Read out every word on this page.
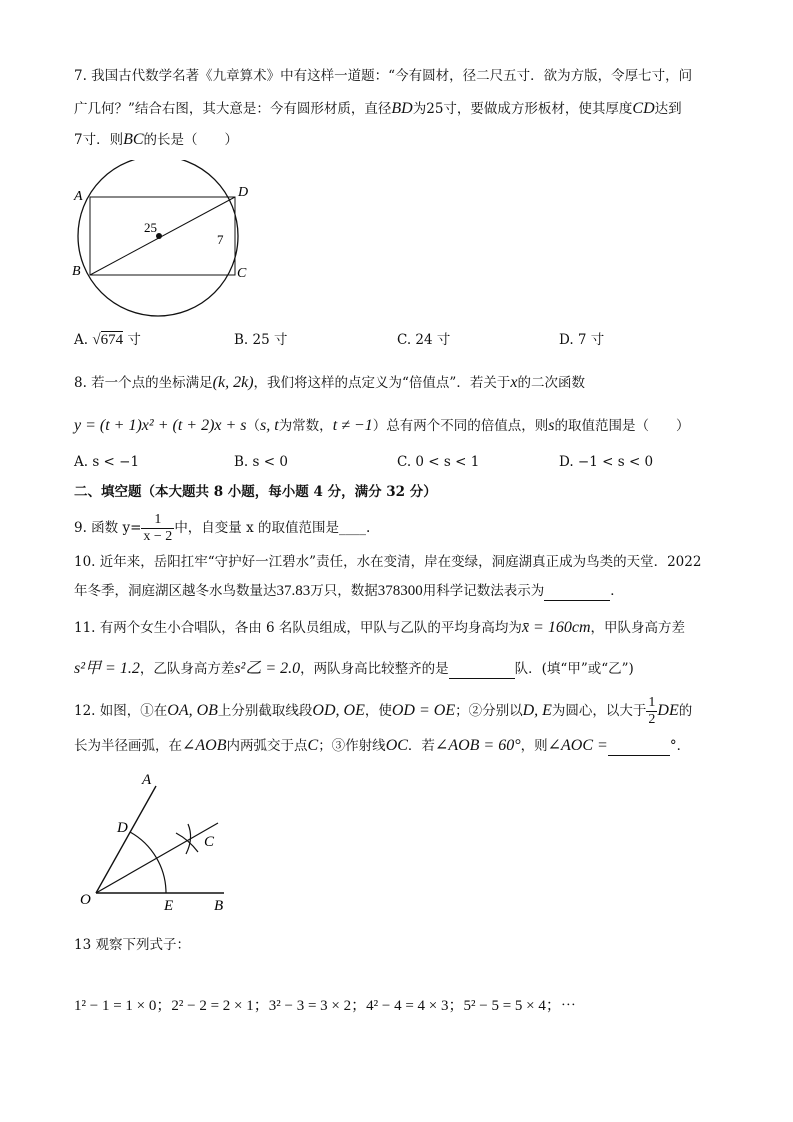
7. 我国古代数学名著《九章算术》中有这样一道题：“今有圆材，径二尺五寸．欲为方版，令厚七寸，问
广几何？”结合右图，其大意是：今有圆形材质，直径BD为25寸，要做成方形板材，使其厚度CD达到
7寸．则BC的长是（　　）
A	D
B	C
25
7
A. √674 寸	B. 25 寸	C. 24 寸	D. 7 寸
8. 若一个点的坐标满足(k, 2k)，我们将这样的点定义为“倍值点”．若关于x的二次函数
y = (t + 1)x² + (t + 2)x + s（s, t为常数，t ≠ −1）总有两个不同的倍值点，则s的取值范围是（　　）
A. s < −1	B. s < 0	C. 0 < s < 1	D. −1 < s < 0
二、填空题（本大题共 8 小题，每小题 4 分，满分 32 分）
9. 函数 $y= \frac{1}{x - 2}$ 中，自变量 x 的取值范围是____.
10. 近年来，岳阳扛牢“守护好一江碧水”责任，水在变清，岸在变绿，洞庭湖真正成为鸟类的天堂．2022
年冬季，洞庭湖区越冬水鸟数量达37.83万只，数据378300用科学记数法表示为	．
11. 有两个女生小合唱队，各由 6 名队员组成，甲队与乙队的平均身高均为x̄ = 160cm，甲队身高方差
s²甲 = 1.2，乙队身高方差s²乙 = 2.0，两队身高比较整齐的是	队．(填“甲”或“乙”)
12. 如图，①在OA, OB上分别截取线段OD, OE，使OD = OE；②分别以D, E为圆心，以大于 $\frac{1}{2}$ DE的
长为半径画弧，在∠AOB内两弧交于点C；③作射线OC．若∠AOB = 60°，则∠AOC =	°．
A
D
C
O	E	B
13 观察下列式子：
1² − 1 = 1 × 0；2² − 2 = 2 × 1；3² − 3 = 3 × 2；4² − 4 = 4 × 3；5² − 5 = 5 × 4；⋯
